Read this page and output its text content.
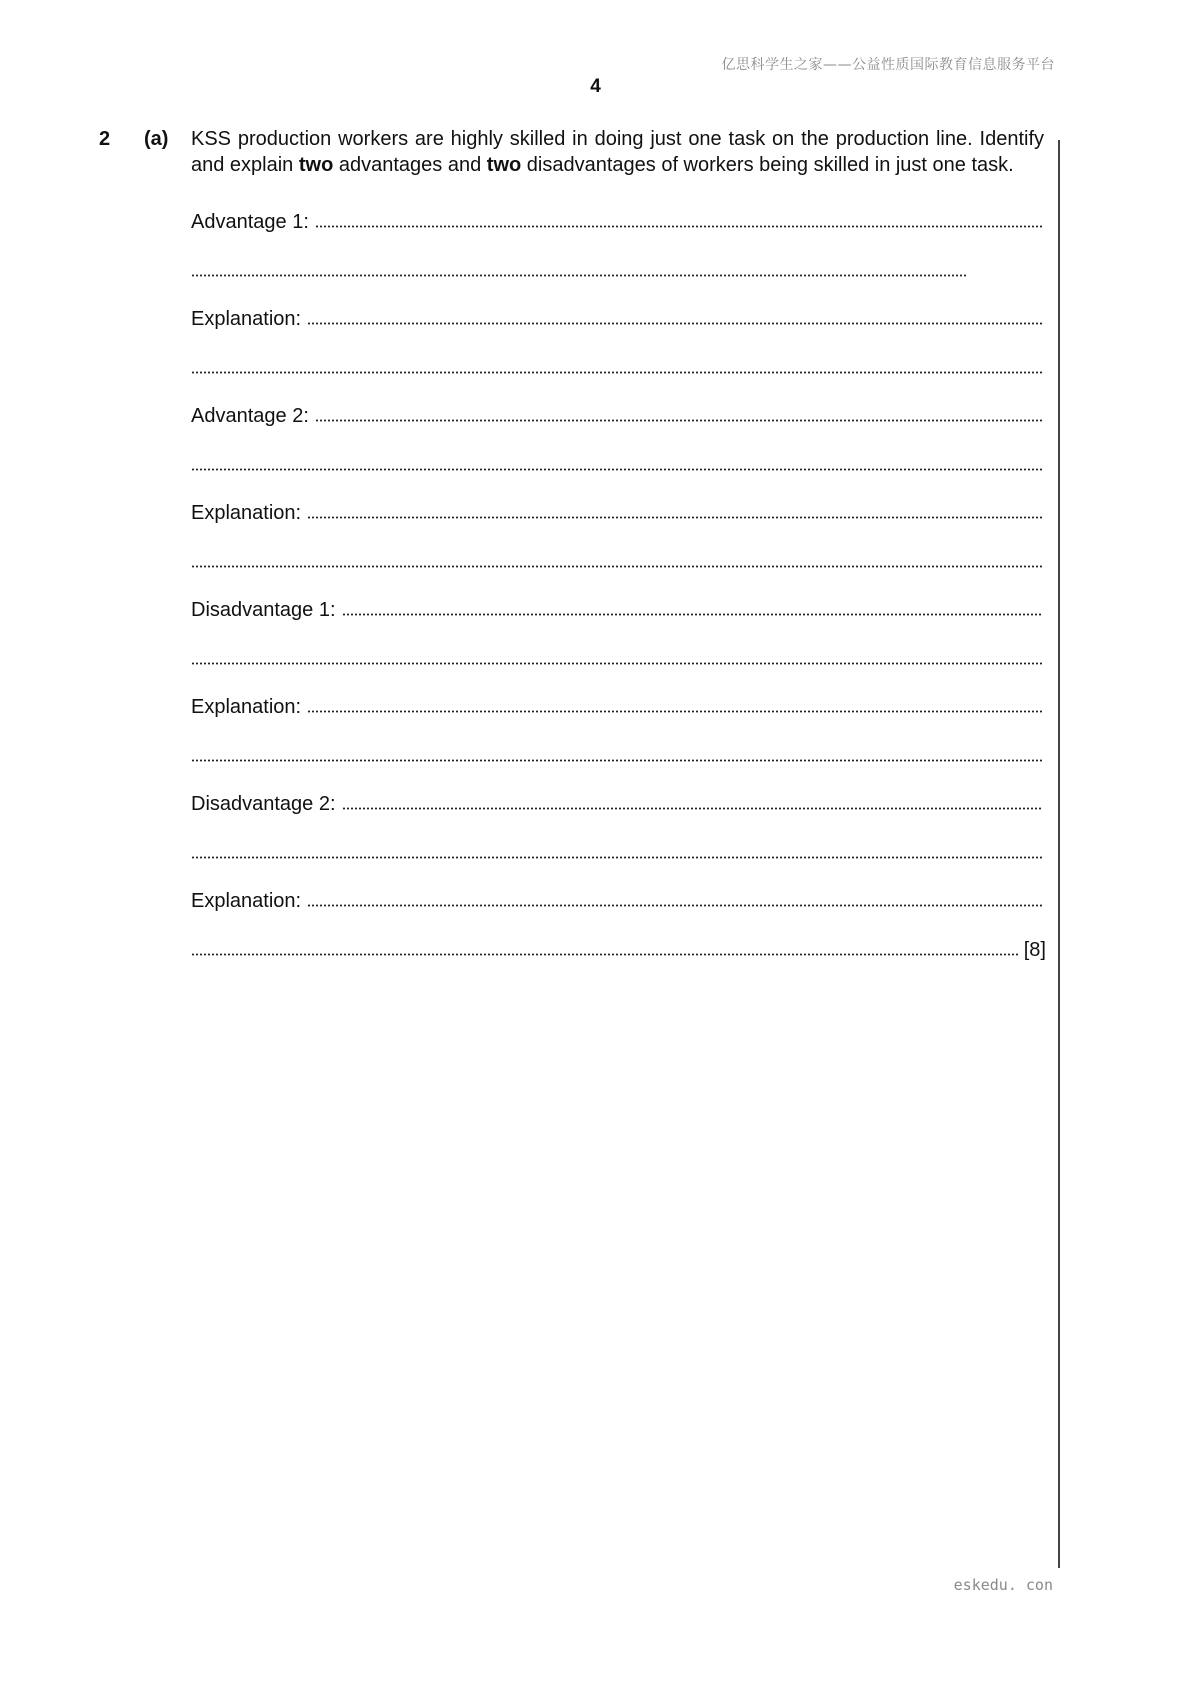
亿思科学生之家——公益性质国际教育信息服务平台
4
2 (a) KSS production workers are highly skilled in doing just one task on the production line. Identify and explain two advantages and two disadvantages of workers being skilled in just one task.
Advantage 1:
Explanation:
Advantage 2:
Explanation:
Disadvantage 1:
Explanation:
Disadvantage 2:
Explanation:
[8]
eskedu. con
